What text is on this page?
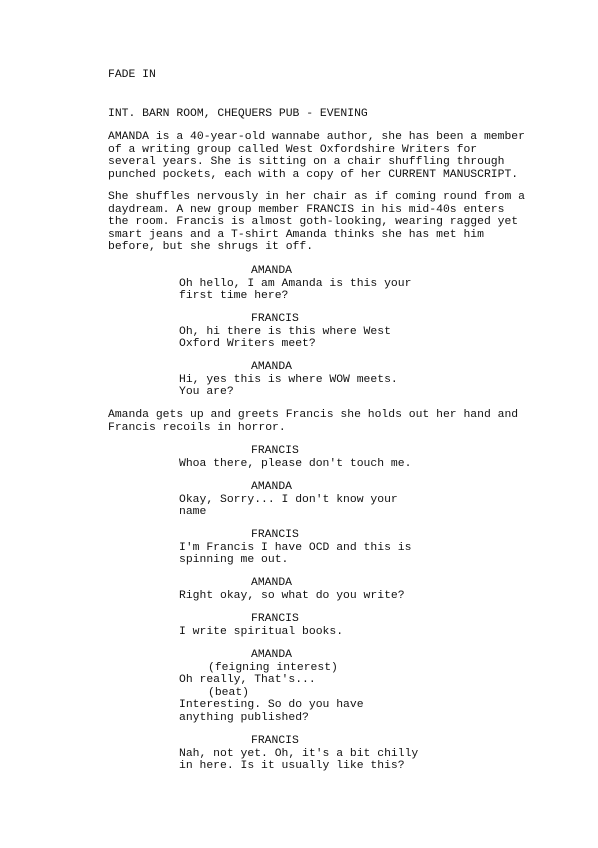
FADE IN
INT. BARN ROOM, CHEQUERS PUB - EVENING
AMANDA is a 40-year-old wannabe author, she has been a member
of a writing group called West Oxfordshire Writers for
several years. She is sitting on a chair shuffling through
punched pockets, each with a copy of her CURRENT MANUSCRIPT.
She shuffles nervously in her chair as if coming round from a
daydream. A new group member FRANCIS in his mid-40s enters
the room. Francis is almost goth-looking, wearing ragged yet
smart jeans and a T-shirt Amanda thinks she has met him
before, but she shrugs it off.
AMANDA
Oh hello, I am Amanda is this your
first time here?
FRANCIS
Oh, hi there is this where West
Oxford Writers meet?
AMANDA
Hi, yes this is where WOW meets.
You are?
Amanda gets up and greets Francis she holds out her hand and
Francis recoils in horror.
FRANCIS
Whoa there, please don't touch me.
AMANDA
Okay, Sorry... I don't know your
name
FRANCIS
I'm Francis I have OCD and this is
spinning me out.
AMANDA
Right okay, so what do you write?
FRANCIS
I write spiritual books.
AMANDA
(feigning interest)
Oh really, That's...
(beat)
Interesting. So do you have
anything published?
FRANCIS
Nah, not yet. Oh, it's a bit chilly
in here. Is it usually like this?
